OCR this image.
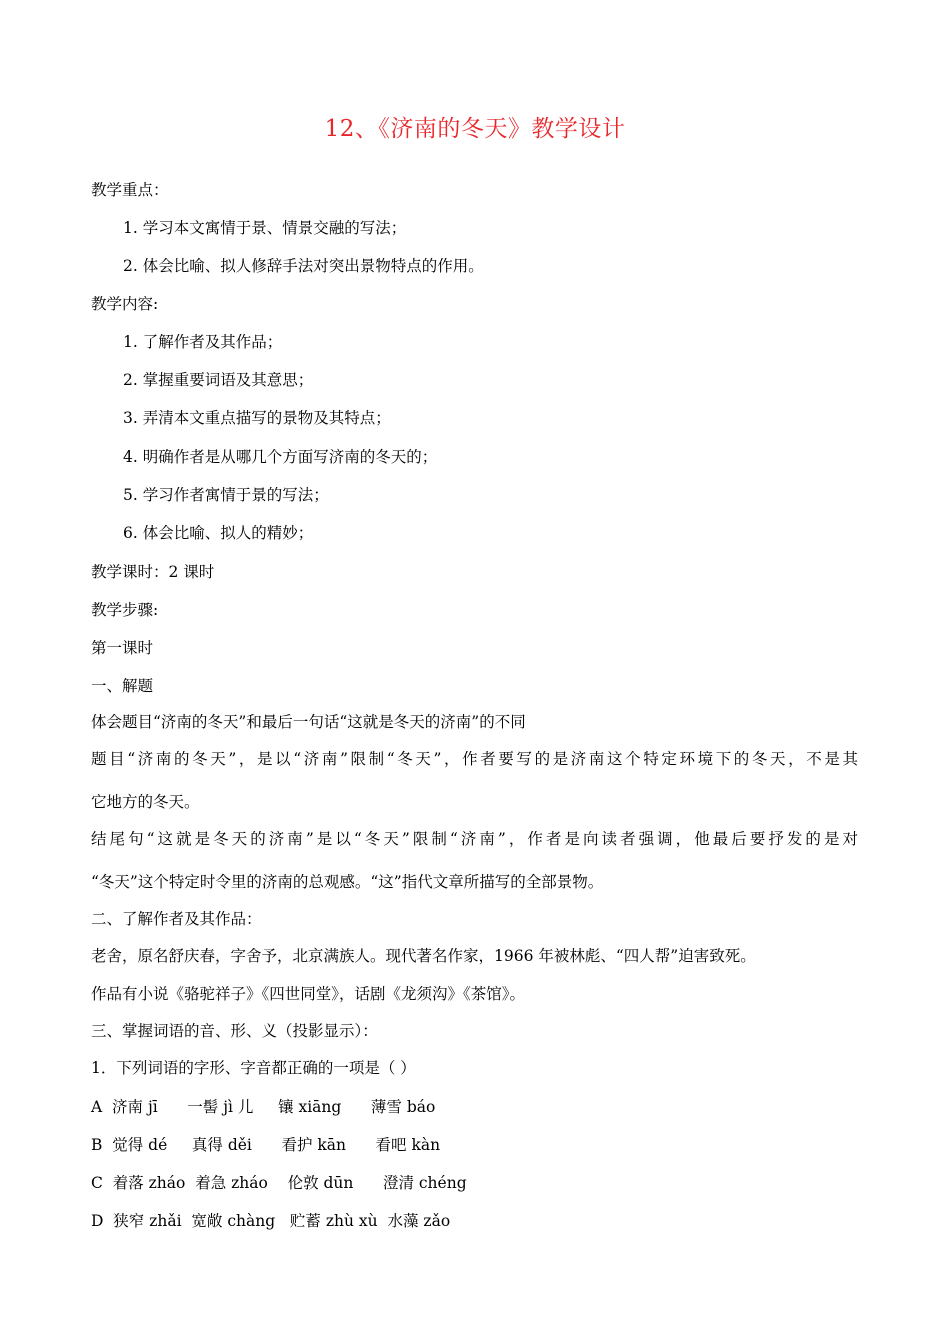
12、《济南的冬天》教学设计
教学重点：
1. 学习本文寓情于景、情景交融的写法；
2. 体会比喻、拟人修辞手法对突出景物特点的作用。
教学内容:
1. 了解作者及其作品；
2. 掌握重要词语及其意思；
3. 弄清本文重点描写的景物及其特点；
4. 明确作者是从哪几个方面写济南的冬天的；
5. 学习作者寓情于景的写法；
6. 体会比喻、拟人的精妙；
教学课时：2 课时
教学步骤:
第一课时
一、解题
体会题目“济南的冬天”和最后一句话“这就是冬天的济南”的不同
题目“济南的冬天”，是以“济南”限制“冬天”，作者要写的是济南这个特定环境下的冬天，不是其
它地方的冬天。
结尾句“这就是冬天的济南”是以“冬天”限制“济南”，作者是向读者强调，他最后要抒发的是对
“冬天”这个特定时令里的济南的总观感。“这”指代文章所描写的全部景物。
二、了解作者及其作品：
老舍，原名舒庆春，字舍予，北京满族人。现代著名作家，1966 年被林彪、“四人帮”迫害致死。
作品有小说《骆驼祥子》《四世同堂》，话剧《龙须沟》《茶馆》。
三、掌握词语的音、形、义（投影显示）：
1．下列词语的字形、字音都正确的一项是（ ）
A  济南 jī      一髻 jì 儿     镶 xiāng      薄雪 báo
B  觉得 dé     真得 děi      看护 kān      看吧 kàn
C  着落 zháo  着急 zháo    伦敦 dūn      澄清 chéng
D  狭窄 zhǎi  宽敞 chàng   贮蓄 zhù xù  水藻 zǎo
